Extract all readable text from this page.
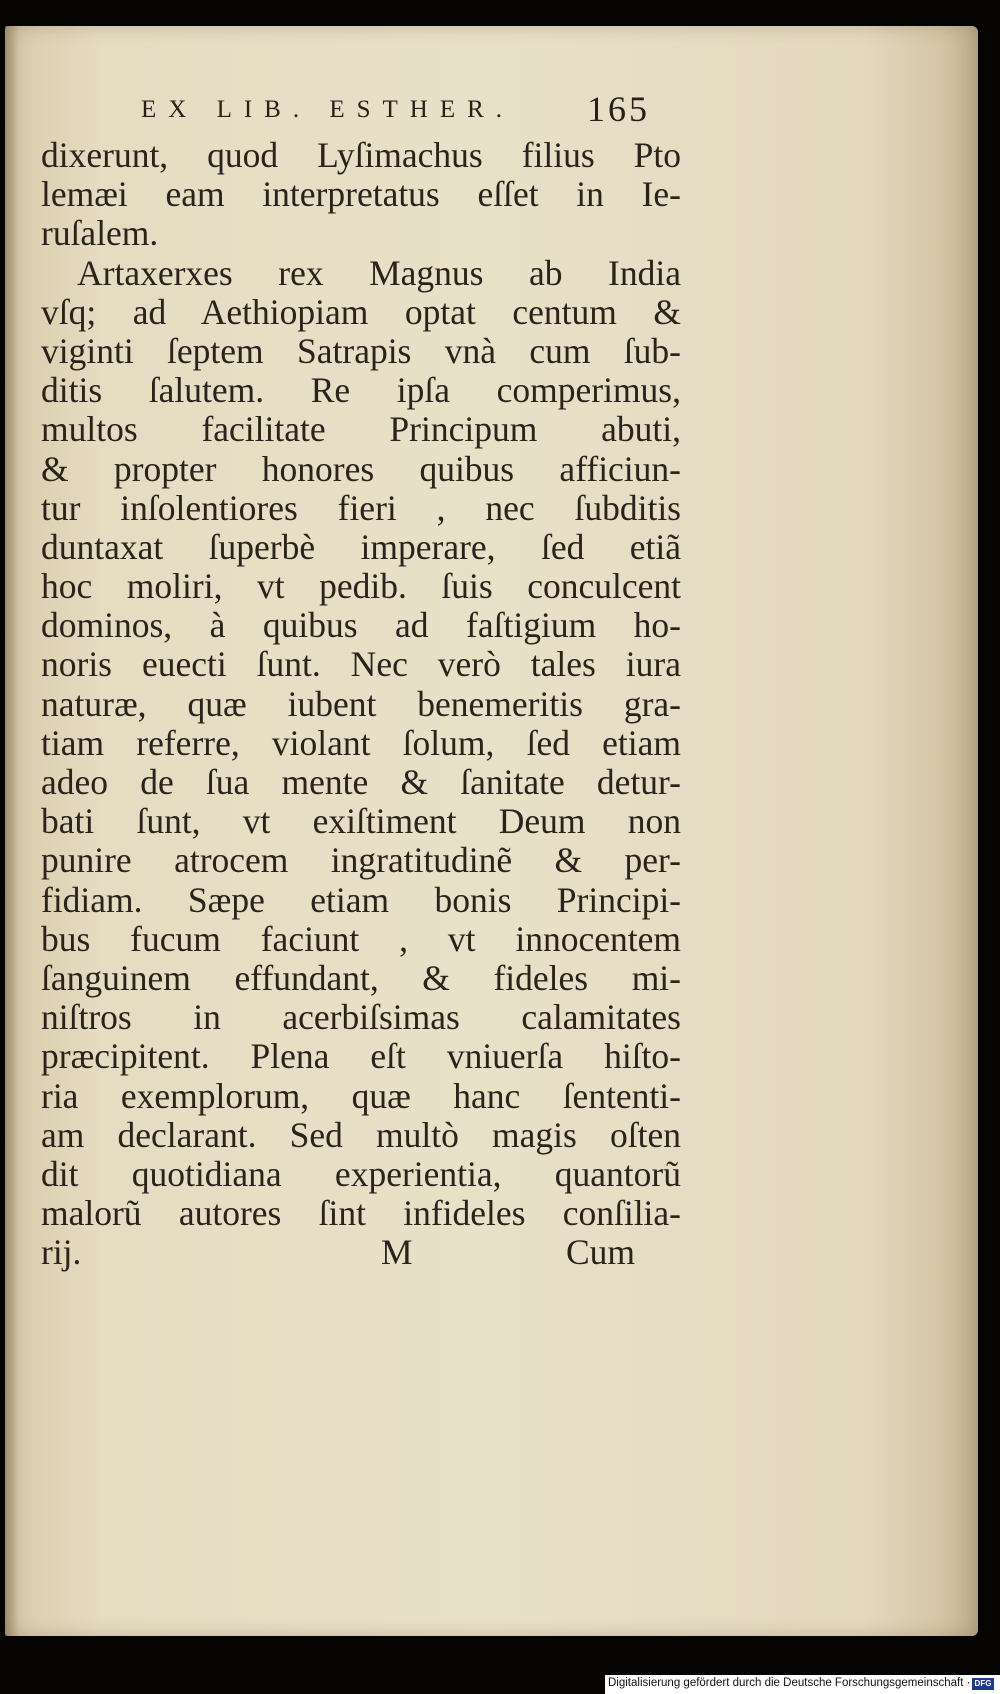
EX LIB. ESTHER. 165
dixerunt, quod Lyſimachus filius Pto
lemæi eam interpretatus eſſet in Ie-
ruſalem.
Artaxerxes rex Magnus ab India
vſq; ad Aethiopiam optat centum &
viginti ſeptem Satrapis vnà cum ſub-
ditis ſalutem. Re ipſa comperimus,
multos facilitate Principum abuti,
& propter honores quibus afficiun-
tur inſolentiores fieri , nec ſubditis
duntaxat ſuperbè imperare, ſed etiã
hoc moliri, vt pedib. ſuis conculcent
dominos, à quibus ad faſtigium ho-
noris euecti ſunt. Nec verò tales iura
naturæ, quæ iubent benemeritis gra-
tiam referre, violant ſolum, ſed etiam
adeo de ſua mente & ſanitate detur-
bati ſunt, vt exiſtiment Deum non
punire atrocem ingratitudinẽ & per-
fidiam. Sæpe etiam bonis Principi-
bus fucum faciunt , vt innocentem
ſanguinem effundant, & fideles mi-
niſtros in acerbiſsimas calamitates
præcipitent. Plena eſt vniuerſa hiſto-
ria exemplorum, quæ hanc ſententi-
am declarant. Sed multò magis oſten
dit quotidiana experientia, quantorũ
malorũ autores ſint infideles conſilia-
rij.	M	Cum
Digitalisierung gefördert durch die Deutsche Forschungsgemeinschaft · DFG
